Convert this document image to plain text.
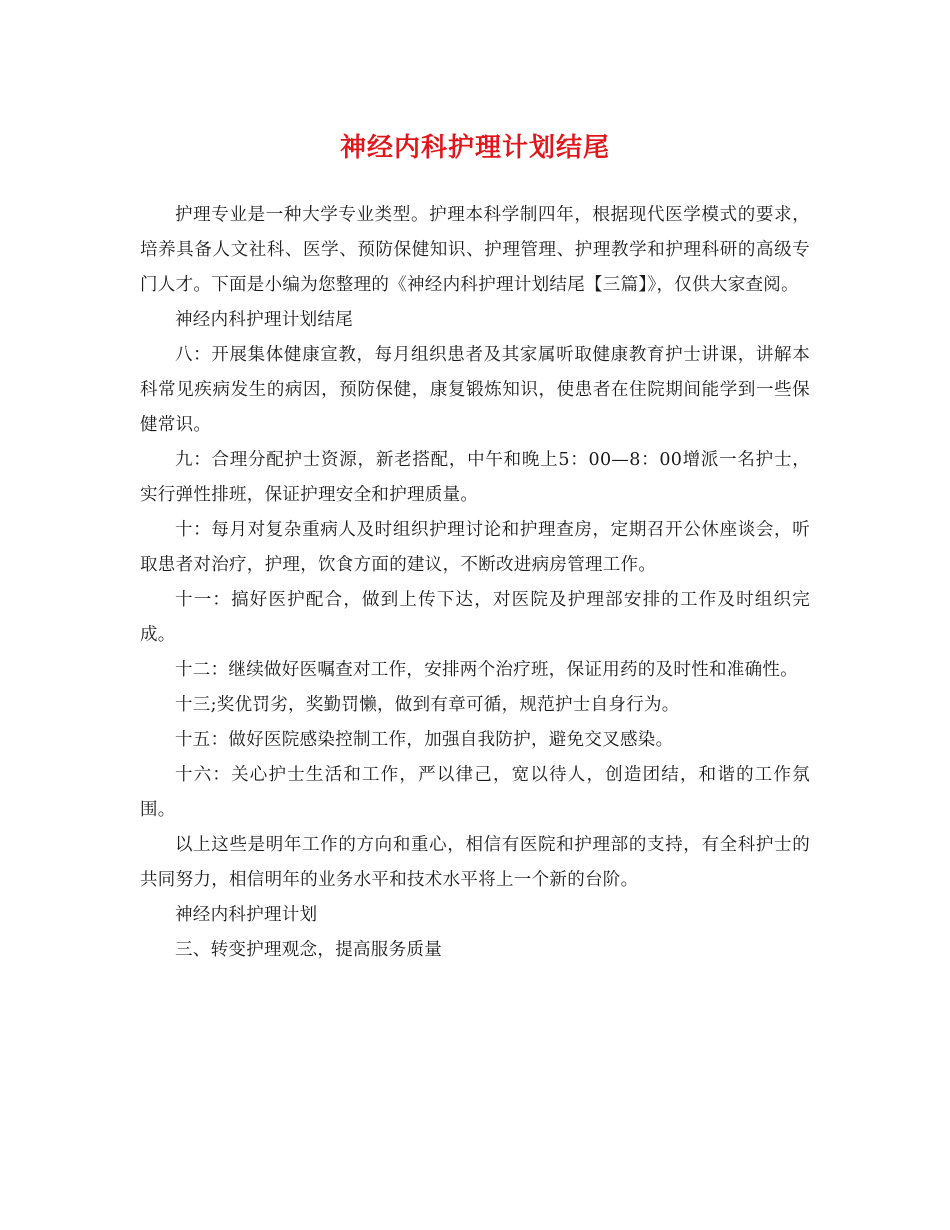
神经内科护理计划结尾

护理专业是一种大学专业类型。护理本科学制四年，根据现代医学模式的要求，培养具备人文社科、医学、预防保健知识、护理管理、护理教学和护理科研的高级专门人才。下面是小编为您整理的《神经内科护理计划结尾【三篇】》，仅供大家查阅。

神经内科护理计划结尾

八：开展集体健康宣教，每月组织患者及其家属听取健康教育护士讲课，讲解本科常见疾病发生的病因，预防保健，康复锻炼知识，使患者在住院期间能学到一些保健常识。

九：合理分配护士资源，新老搭配，中午和晚上5：00—8：00增派一名护士，实行弹性排班，保证护理安全和护理质量。

十：每月对复杂重病人及时组织护理讨论和护理查房，定期召开公休座谈会，听取患者对治疗，护理，饮食方面的建议，不断改进病房管理工作。

十一：搞好医护配合，做到上传下达，对医院及护理部安排的工作及时组织完成。

十二：继续做好医嘱查对工作，安排两个治疗班，保证用药的及时性和准确性。

十三;奖优罚劣，奖勤罚懒，做到有章可循，规范护士自身行为。

十五：做好医院感染控制工作，加强自我防护，避免交叉感染。

十六：关心护士生活和工作，严以律己，宽以待人，创造团结，和谐的工作氛围。

以上这些是明年工作的方向和重心，相信有医院和护理部的支持，有全科护士的共同努力，相信明年的业务水平和技术水平将上一个新的台阶。

神经内科护理计划

三、转变护理观念，提高服务质量
